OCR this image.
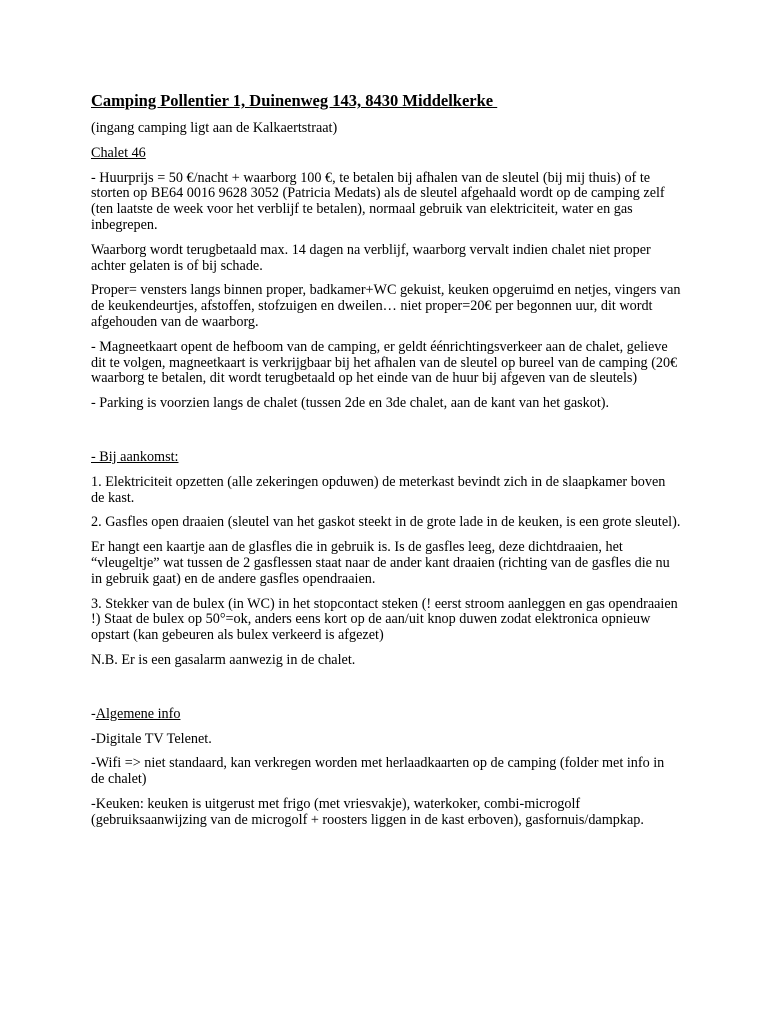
Camping Pollentier 1, Duinenweg 143, 8430 Middelkerke

(ingang camping ligt aan de Kalkaertstraat)

Chalet 46

- Huurprijs = 50 €/nacht + waarborg 100 €, te betalen bij afhalen van de sleutel (bij mij thuis) of te storten op BE64 0016 9628 3052 (Patricia Medats) als de sleutel afgehaald wordt op de camping zelf (ten laatste de week voor het verblijf te betalen), normaal gebruik van elektriciteit, water en gas inbegrepen.

Waarborg wordt terugbetaald max. 14 dagen na verblijf, waarborg vervalt indien chalet niet proper achter gelaten is of bij schade.

Proper= vensters langs binnen proper, badkamer+WC gekuist, keuken opgeruimd en netjes, vingers van de keukendeurtjes, afstoffen, stofzuigen en dweilen… niet proper=20€ per begonnen uur, dit wordt afgehouden van de waarborg.

- Magneetkaart opent de hefboom van de camping, er geldt éénrichtingsverkeer aan de chalet, gelieve dit te volgen, magneetkaart is verkrijgbaar bij het afhalen van de sleutel op bureel van de camping (20€ waarborg te betalen, dit wordt terugbetaald op het einde van de huur bij afgeven van de sleutels)

- Parking is voorzien langs de chalet (tussen 2de en 3de chalet, aan de kant van het gaskot).

- Bij aankomst:

1. Elektriciteit opzetten (alle zekeringen opduwen) de meterkast bevindt zich in de slaapkamer boven de kast.

2. Gasfles open draaien (sleutel van het gaskot steekt in de grote lade in de keuken, is een grote sleutel).

Er hangt een kaartje aan de glasfles die in gebruik is. Is de gasfles leeg, deze dichtdraaien, het “vleugeltje” wat tussen de 2 gasflessen staat naar de ander kant draaien (richting van de gasfles die nu in gebruik gaat) en de andere gasfles opendraaien.

3. Stekker van de bulex (in WC) in het stopcontact steken (! eerst stroom aanleggen en gas opendraaien !) Staat de bulex op 50°=ok, anders eens kort op de aan/uit knop duwen zodat elektronica opnieuw opstart (kan gebeuren als bulex verkeerd is afgezet)

N.B. Er is een gasalarm aanwezig in de chalet.

-Algemene info

-Digitale TV Telenet.

-Wifi => niet standaard, kan verkregen worden met herlaadkaarten op de camping (folder met info in de chalet)

-Keuken: keuken is uitgerust met frigo (met vriesvakje), waterkoker, combi-microgolf (gebruiksaanwijzing van de microgolf + roosters liggen in de kast erboven), gasfornuis/dampkap.
